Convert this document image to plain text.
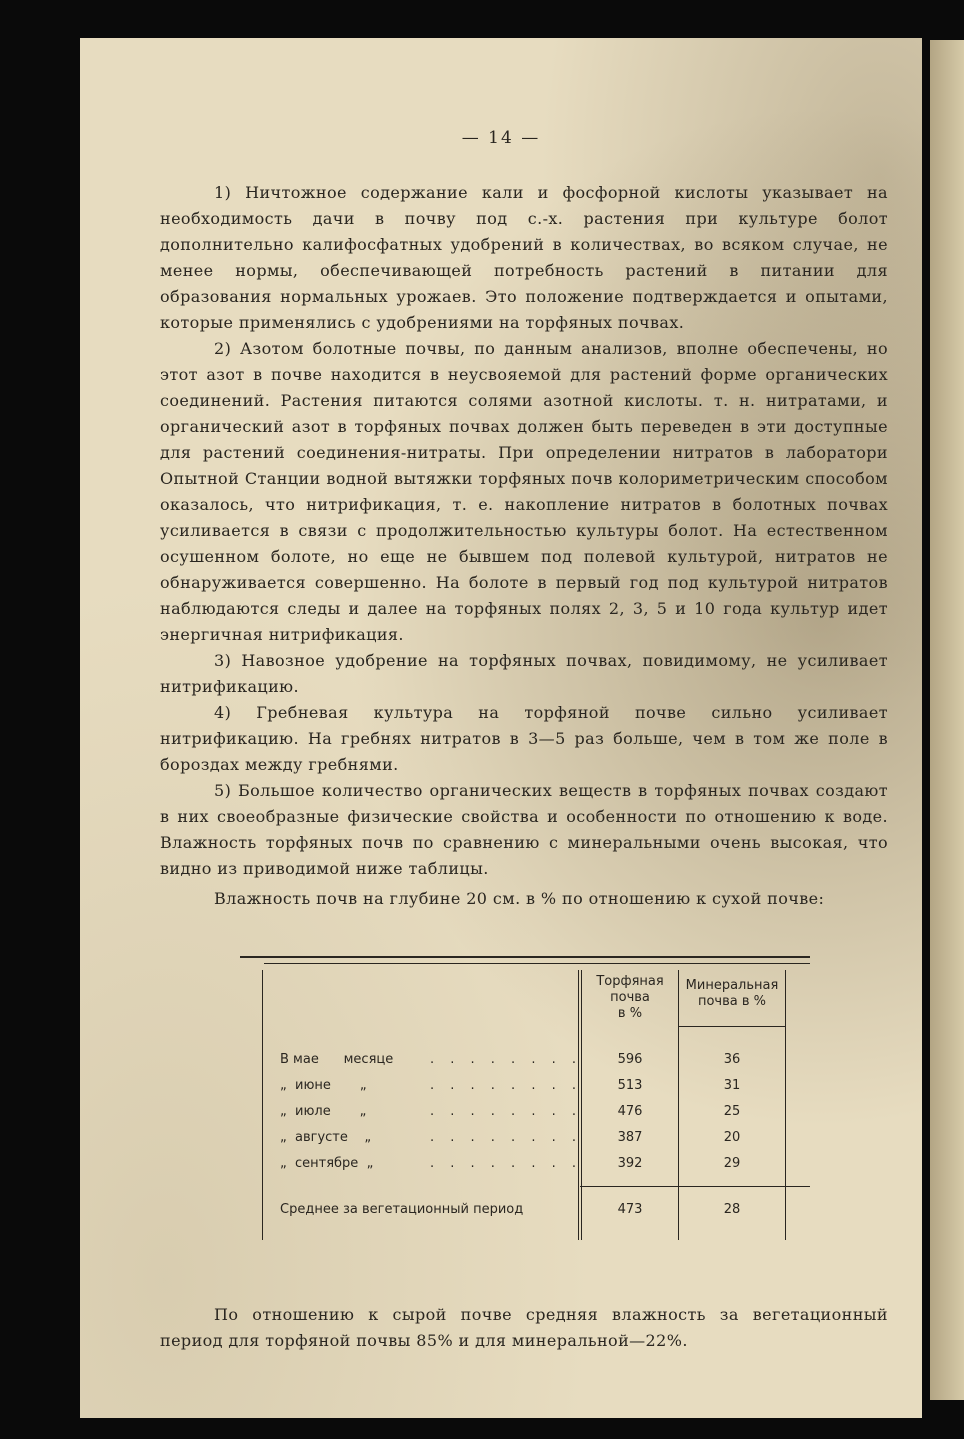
— 14 —

1) Ничтожное содержание кали и фосфорной кислоты указывает на необходимость дачи в почву под с.-х. растения при культуре болот дополнительно калифосфатных удобрений в количествах, во всяком случае, не менее нормы, обеспечивающей потребность растений в питании для образования нормальных урожаев. Это положение подтверждается и опытами, которые применялись с удобрениями на торфяных почвах.

2) Азотом болотные почвы, по данным анализов, вполне обеспечены, но этот азот в почве находится в неусвояемой для растений форме органических соединений. Растения питаются солями азотной кислоты. т. н. нитратами, и органический азот в торфяных почвах должен быть переведен в эти доступные для растений соединения-нитраты. При определении нитратов в лаборатори Опытной Станции водной вытяжки торфяных почв колориметрическим способом оказалось, что нитрификация, т. е. накопление нитратов в болотных почвах усиливается в связи с продолжительностью культуры болот. На естественном осушенном болоте, но еще не бывшем под полевой культурой, нитратов не обнаруживается совершенно. На болоте в первый год под культурой нитратов наблюдаются следы и далее на торфяных полях 2, 3, 5 и 10 года культур идет энергичная нитрификация.

3) Навозное удобрение на торфяных почвах, повидимому, не усиливает нитрификацию.

4) Гребневая культура на торфяной почве сильно усиливает нитрификацию. На гребнях нитратов в 3—5 раз больше, чем в том же поле в бороздах между гребнями.

5) Большое количество органических веществ в торфяных почвах создают в них своеобразные физические свойства и особенности по отношению к воде. Влажность торфяных почв по сравнению с минеральными очень высокая, что видно из приводимой ниже таблицы.

Влажность почв на глубине 20 см. в % по отношению к сухой почве:

Торфяная
почва
в %
Минеральная
почва в %
В мае      месяце	. . . . . . . .	596	36
„  июне       „	. . . . . . . .	513	31
„  июле       „	. . . . . . . .	476	25
„  августе    „	. . . . . . . .	387	20
„  сентябре  „	. . . . . . . .	392	29
Среднее за вегетационный период	473	28

По отношению к сырой почве средняя влажность за вегетационный период для торфяной почвы 85% и для минеральной—22%.
